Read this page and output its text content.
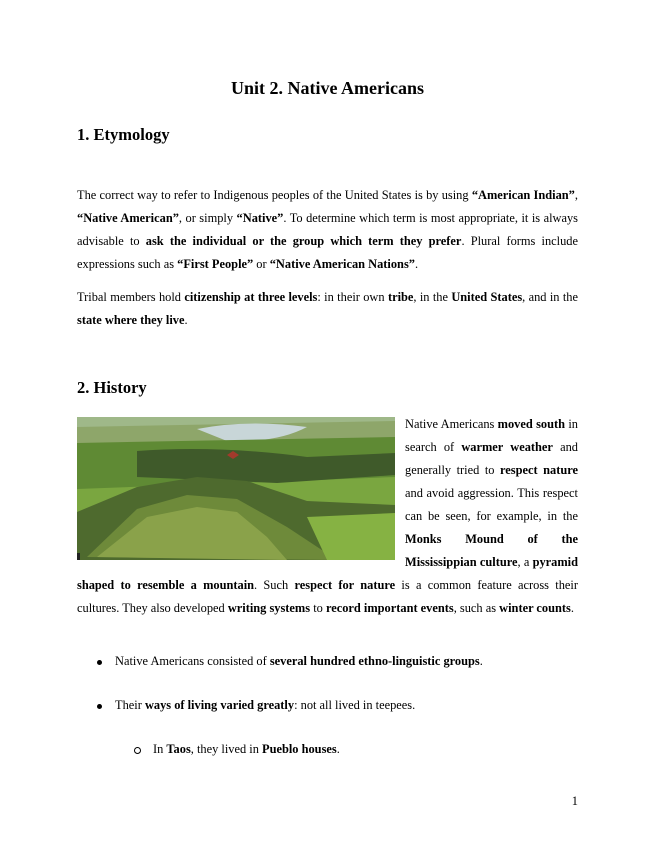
Unit 2. Native Americans
1. Etymology

The correct way to refer to Indigenous peoples of the United States is by using “American Indian”, “Native American”, or simply “Native”. To determine which term is most appropriate, it is always advisable to ask the individual or the group which term they prefer. Plural forms include expressions such as “First People” or “Native American Nations”.

Tribal members hold citizenship at three levels: in their own tribe, in the United States, and in the state where they live.

2. History
Native Americans moved south in search of warmer weather and generally tried to respect nature and avoid aggression. This respect can be seen, for example, in the Monks Mound of the Mississippian culture, a pyramid shaped to resemble a mountain. Such respect for nature is a common feature across their cultures. They also developed writing systems to record important events, such as winter counts.
Native Americans consisted of several hundred ethno-linguistic groups.
Their ways of living varied greatly: not all lived in teepees.
In Taos, they lived in Pueblo houses.
1
